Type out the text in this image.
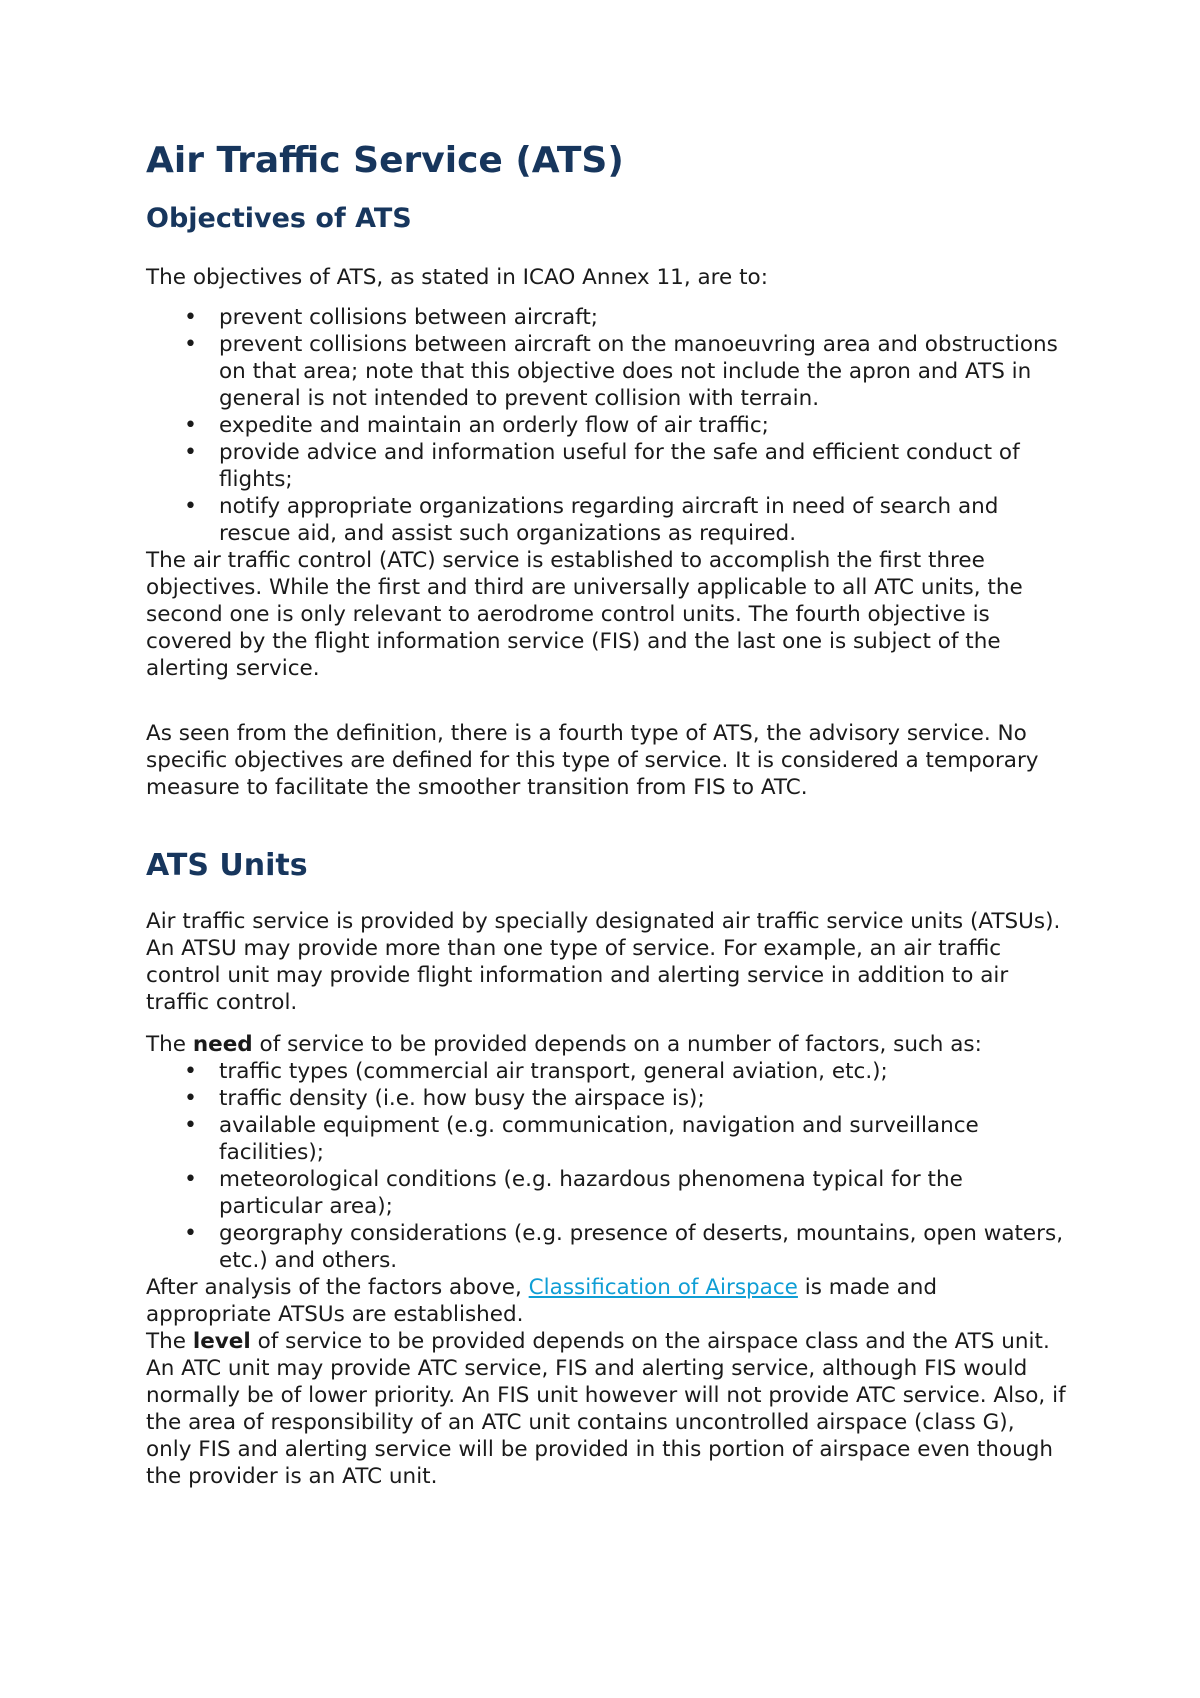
Air Traffic Service (ATS)
Objectives of ATS

The objectives of ATS, as stated in ICAO Annex 11, are to:

• prevent collisions between aircraft;
• prevent collisions between aircraft on the manoeuvring area and obstructions on that area; note that this objective does not include the apron and ATS in general is not intended to prevent collision with terrain.
• expedite and maintain an orderly flow of air traffic;
• provide advice and information useful for the safe and efficient conduct of flights;
• notify appropriate organizations regarding aircraft in need of search and rescue aid, and assist such organizations as required.

The air traffic control (ATC) service is established to accomplish the first three objectives. While the first and third are universally applicable to all ATC units, the second one is only relevant to aerodrome control units. The fourth objective is covered by the flight information service (FIS) and the last one is subject of the alerting service.

As seen from the definition, there is a fourth type of ATS, the advisory service. No specific objectives are defined for this type of service. It is considered a temporary measure to facilitate the smoother transition from FIS to ATC.

ATS Units

Air traffic service is provided by specially designated air traffic service units (ATSUs). An ATSU may provide more than one type of service. For example, an air traffic control unit may provide flight information and alerting service in addition to air traffic control.

The need of service to be provided depends on a number of factors, such as:

• traffic types (commercial air transport, general aviation, etc.);
• traffic density (i.e. how busy the airspace is);
• available equipment (e.g. communication, navigation and surveillance facilities);
• meteorological conditions (e.g. hazardous phenomena typical for the particular area);
• georgraphy considerations (e.g. presence of deserts, mountains, open waters, etc.) and others.

After analysis of the factors above, Classification of Airspace is made and appropriate ATSUs are established.

The level of service to be provided depends on the airspace class and the ATS unit. An ATC unit may provide ATC service, FIS and alerting service, although FIS would normally be of lower priority. An FIS unit however will not provide ATC service. Also, if the area of responsibility of an ATC unit contains uncontrolled airspace (class G), only FIS and alerting service will be provided in this portion of airspace even though the provider is an ATC unit.
